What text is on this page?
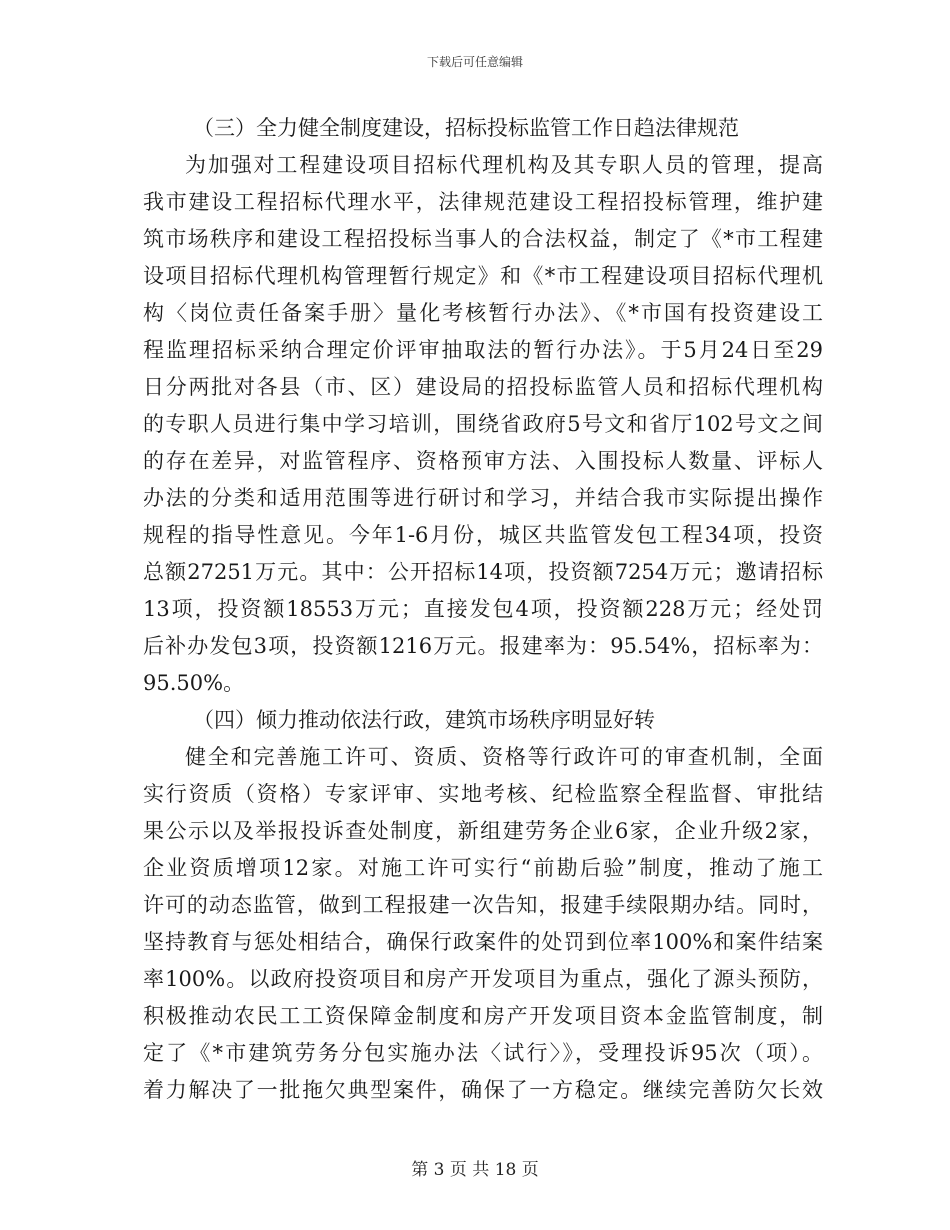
下载后可任意编辑
（三）全力健全制度建设，招标投标监管工作日趋法律规范
为加强对工程建设项目招标代理机构及其专职人员的管理，提高
我市建设工程招标代理水平，法律规范建设工程招投标管理，维护建
筑市场秩序和建设工程招投标当事人的合法权益，制定了《*市工程建
设项目招标代理机构管理暂行规定》和《*市工程建设项目招标代理机
构〈岗位责任备案手册〉量化考核暂行办法》、《*市国有投资建设工
程监理招标采纳合理定价评审抽取法的暂行办法》。于5月24日至29
日分两批对各县（市、区）建设局的招投标监管人员和招标代理机构
的专职人员进行集中学习培训，围绕省政府5号文和省厅102号文之间
的存在差异，对监管程序、资格预审方法、入围投标人数量、评标人
办法的分类和适用范围等进行研讨和学习，并结合我市实际提出操作
规程的指导性意见。今年1-6月份，城区共监管发包工程34项，投资
总额27251万元。其中：公开招标14项，投资额7254万元；邀请招标
13项，投资额18553万元；直接发包4项，投资额228万元；经处罚
后补办发包3项，投资额1216万元。报建率为：95.54%，招标率为：
95.50%。
（四）倾力推动依法行政，建筑市场秩序明显好转
健全和完善施工许可、资质、资格等行政许可的审查机制，全面
实行资质（资格）专家评审、实地考核、纪检监察全程监督、审批结
果公示以及举报投诉查处制度，新组建劳务企业6家，企业升级2家，
企业资质增项12家。对施工许可实行“前勘后验”制度，推动了施工
许可的动态监管，做到工程报建一次告知，报建手续限期办结。同时，
坚持教育与惩处相结合，确保行政案件的处罚到位率100%和案件结案
率100%。以政府投资项目和房产开发项目为重点，强化了源头预防，
积极推动农民工工资保障金制度和房产开发项目资本金监管制度，制
定了《*市建筑劳务分包实施办法〈试行〉》，受理投诉95次（项）。
着力解决了一批拖欠典型案件，确保了一方稳定。继续完善防欠长效
第 3 页 共 18 页
